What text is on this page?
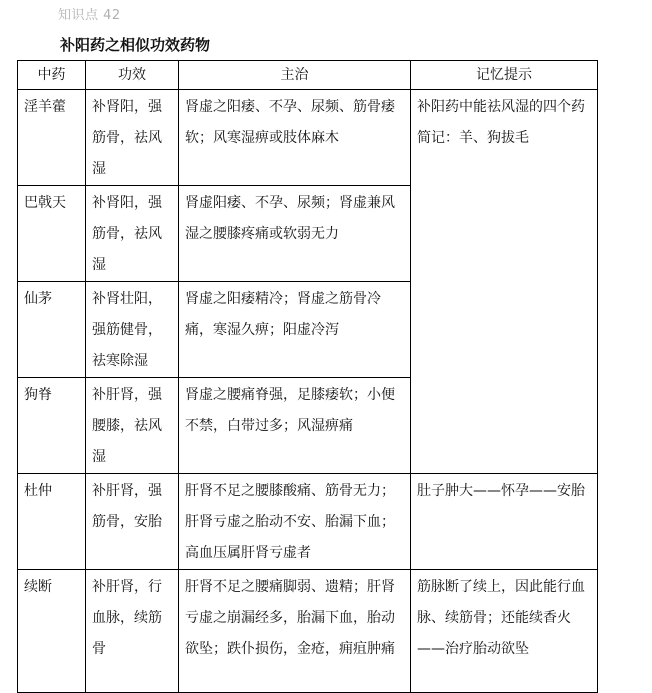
知识点 42
补阳药之相似功效药物
中药	功效	主治	记忆提示
淫羊藿	补肾阳，强筋骨，祛风湿	肾虚之阳痿、不孕、尿频、筋骨痿软；风寒湿痹或肢体麻木	补阳药中能祛风湿的四个药简记：羊、狗拔毛
巴戟天	补肾阳，强筋骨，祛风湿	肾虚阳痿、不孕、尿频；肾虚兼风湿之腰膝疼痛或软弱无力	
仙茅	补肾壮阳，强筋健骨，祛寒除湿	肾虚之阳痿精冷；肾虚之筋骨冷痛，寒湿久痹；阳虚冷泻	
狗脊	补肝肾，强腰膝，祛风湿	肾虚之腰痛脊强，足膝痿软；小便不禁，白带过多；风湿痹痛	
杜仲	补肝肾，强筋骨，安胎	肝肾不足之腰膝酸痛、筋骨无力；肝肾亏虚之胎动不安、胎漏下血；高血压属肝肾亏虚者	肚子肿大——怀孕——安胎
续断	补肝肾，行血脉，续筋骨	肝肾不足之腰痛脚弱、遗精；肝肾亏虚之崩漏经多，胎漏下血，胎动欲坠；跌仆损伤，金疮，痈疽肿痛	筋脉断了续上，因此能行血脉、续筋骨；还能续香火——治疗胎动欲坠
